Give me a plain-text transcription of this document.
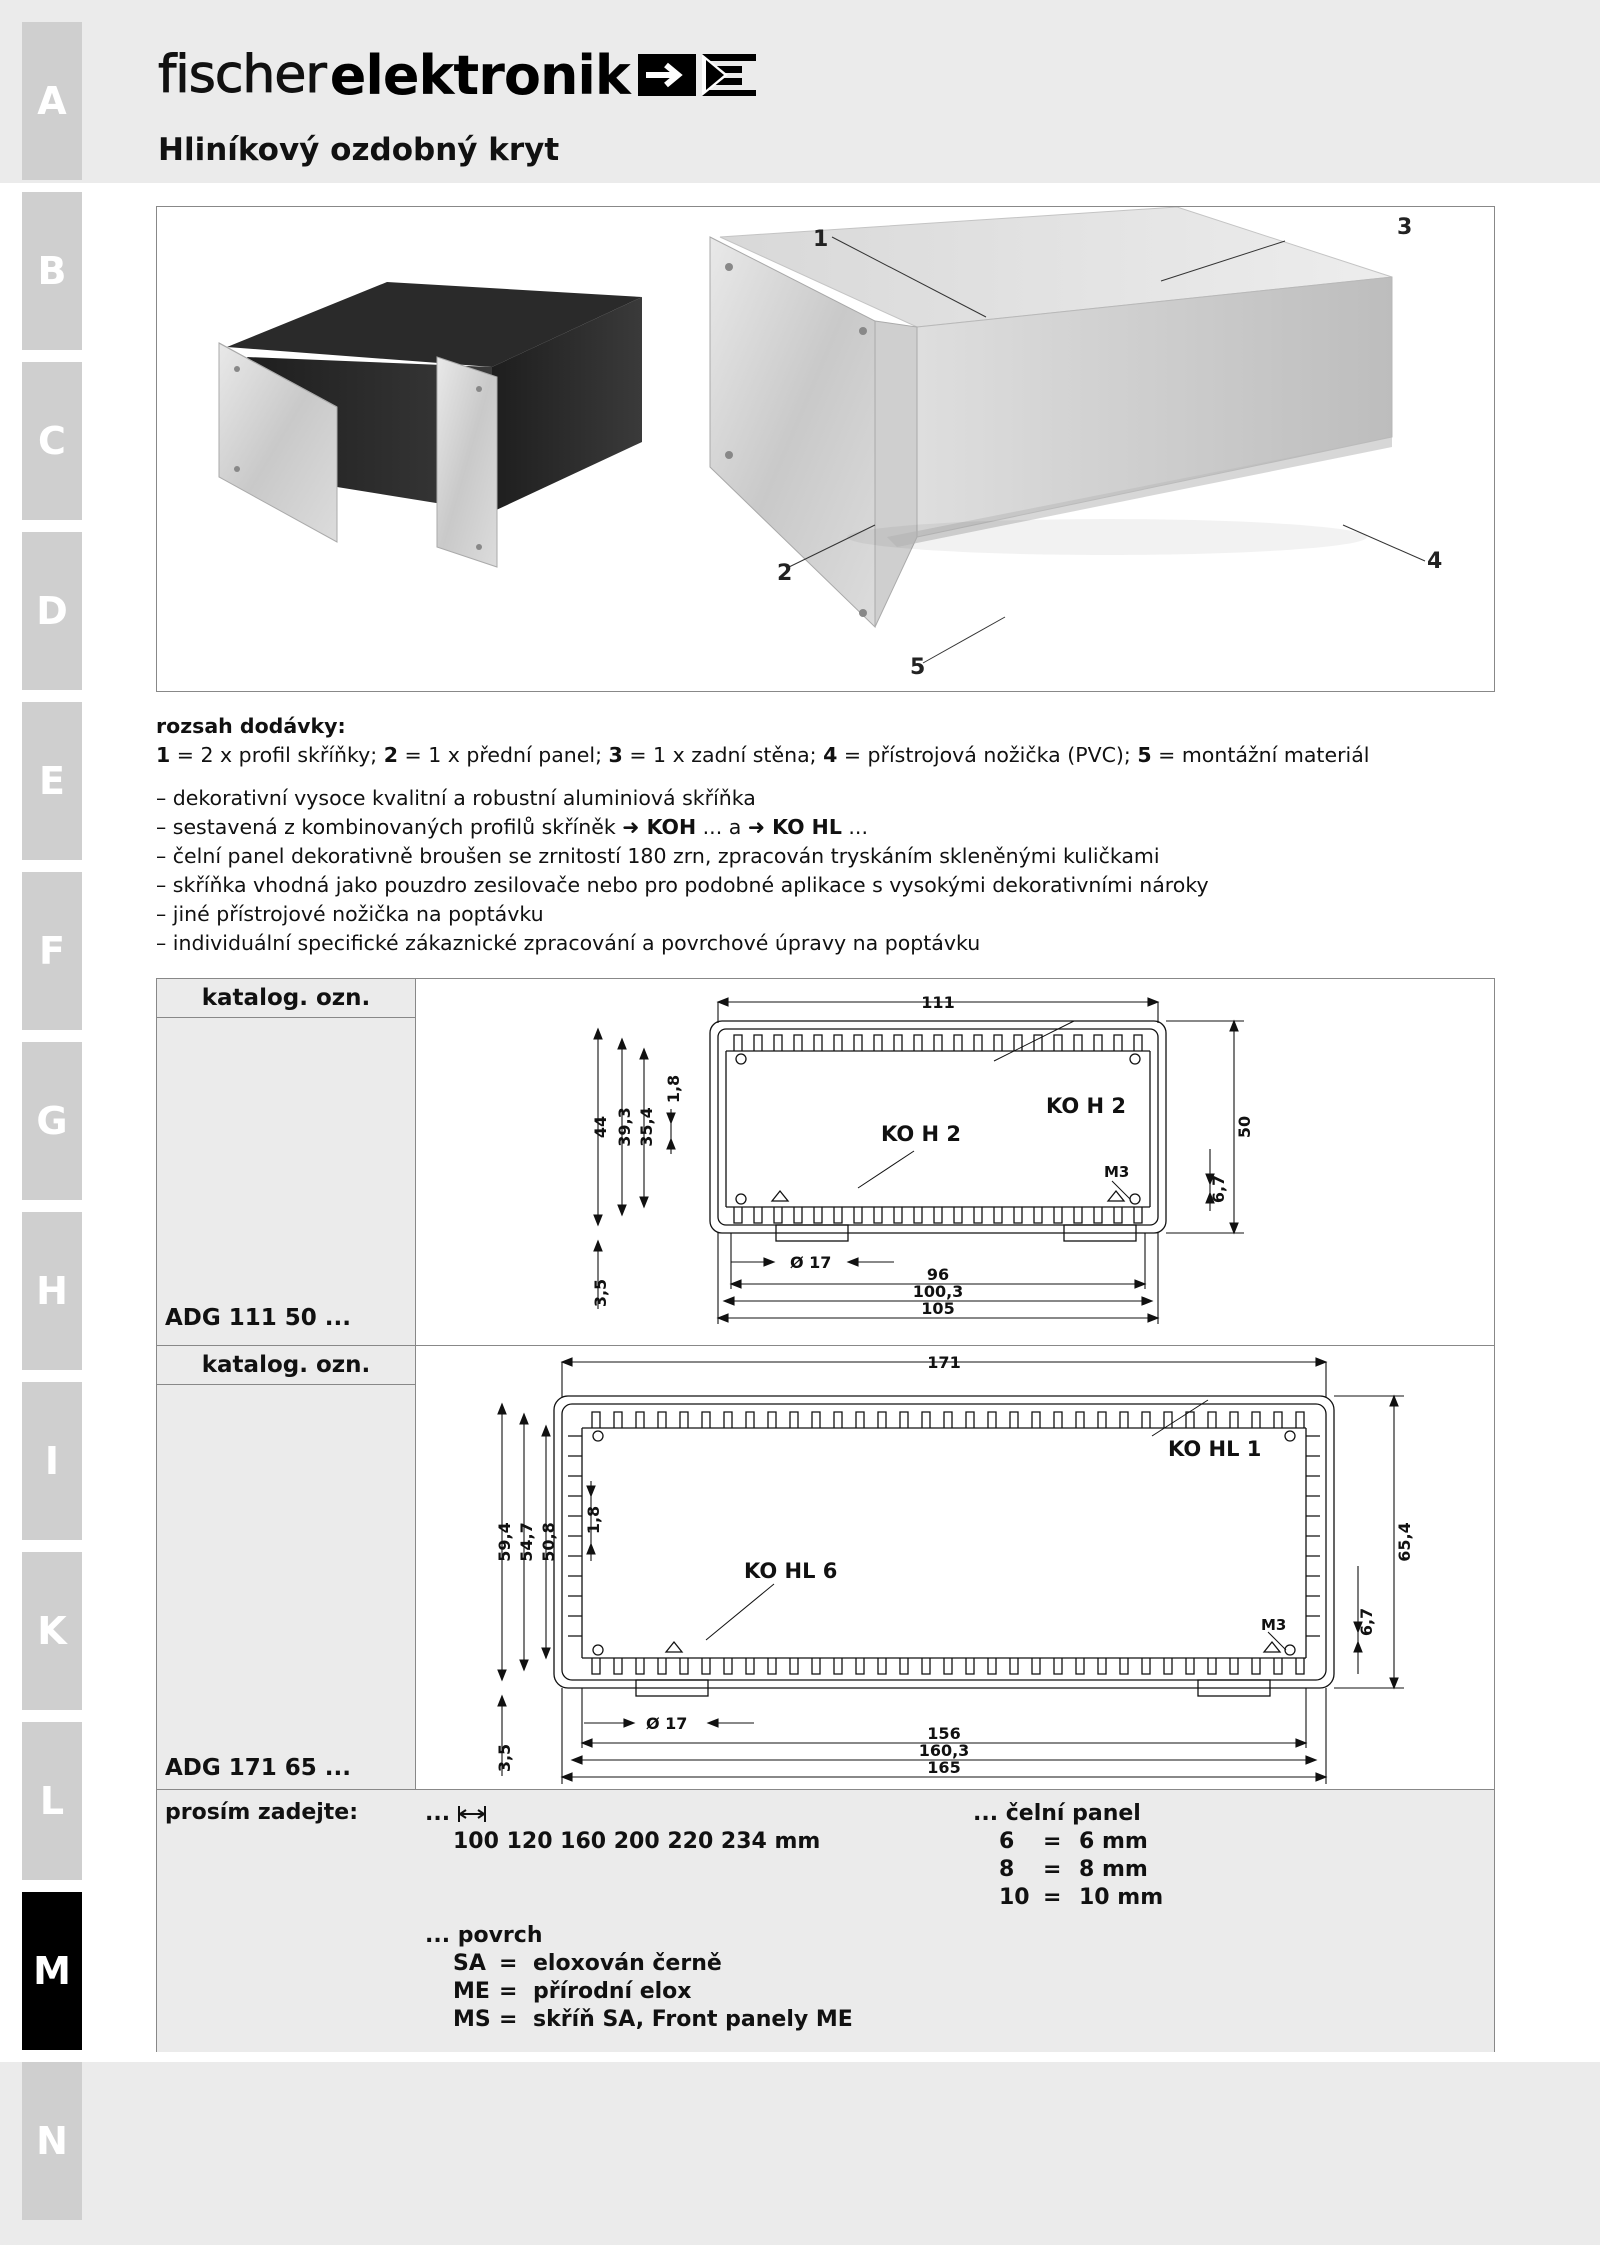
A
B
C
D
E
F
G
H
I
K
L
M
N
fischer elektronik
Hliníkový ozdobný kryt
1
2
3
4
5
rozsah dodávky:
1 = 2 x profil skříňky; 2 = 1 x přední panel; 3 = 1 x zadní stěna; 4 = přístrojová nožička (PVC); 5 = montážní materiál
– dekorativní vysoce kvalitní a robustní aluminiová skříňka
– sestavená z kombinovaných profilů skříněk ➜ KOH ... a ➜ KO HL ...
– čelní panel dekorativně broušen se zrnitostí 180 zrn, zpracován tryskáním skleněnými kuličkami
– skříňka vhodná jako pouzdro zesilovače nebo pro podobné aplikace s vysokými dekorativními nároky
– jiné přístrojové nožička na poptávku
– individuální specifické zákaznické zpracování a povrchové úpravy na poptávku
katalog. ozn.
ADG 111 50 ...
katalog. ozn.
ADG 171 65 ...
111
50
44 39,3 35,4
1,8
6,7
3,5
Ø 17
96
100,3
105
KO H 2
KO H 2
M3
171
65,4
59,4 54,7 50,8
1,8
6,7
3,5
Ø 17
156
160,3
165
KO HL 1
KO HL 6
M3
prosím zadejte:	...
100 120 160 200 220 234 mm
... čelní panel
6	= 6 mm
8	= 8 mm
10 = 10 mm
... povrch
SA = eloxován černě
ME = přírodní elox
MS = skříň SA, Front panely ME
